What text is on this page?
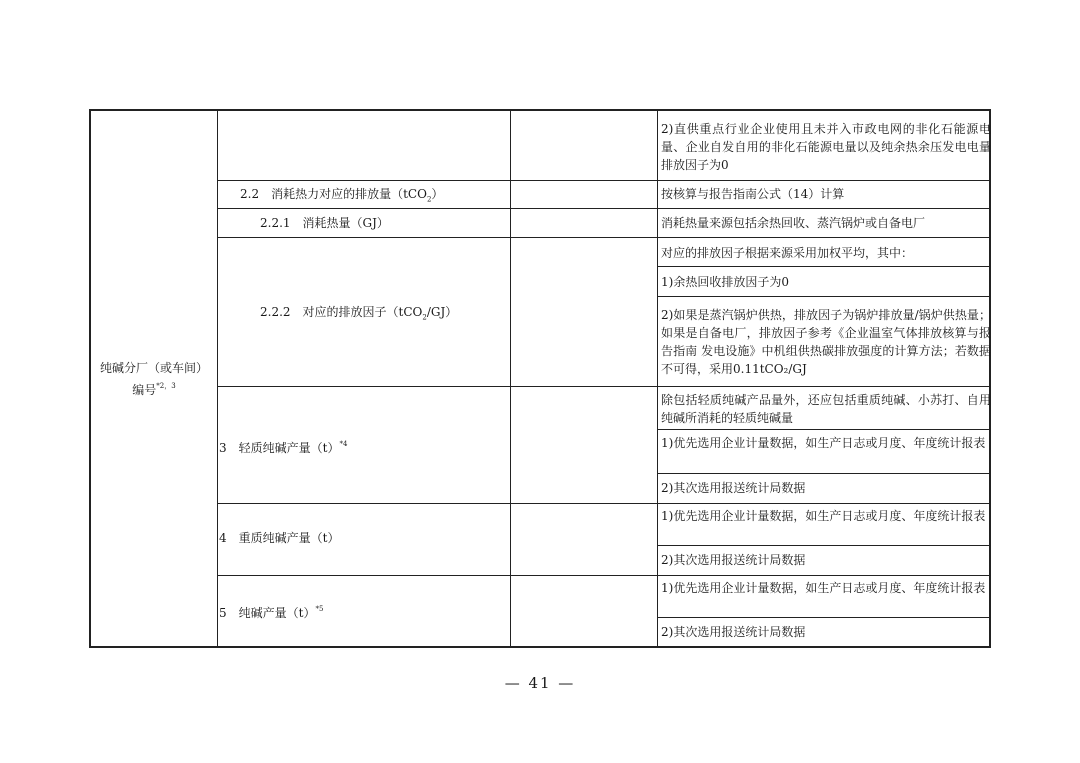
纯碱分厂（或车间）
编号$^{*2,3}$
2)直供重点行业企业使用且未并入市政电网的非化石能源电量、企业自发自用的非化石能源电量以及纯余热余压发电电量排放因子为0
2.2　消耗热力对应的排放量（tCO$_2$）	按核算与报告指南公式（14）计算
2.2.1　消耗热量（GJ）	消耗热量来源包括余热回收、蒸汽锅炉或自备电厂
2.2.2　对应的排放因子（tCO$_2$/GJ）
对应的排放因子根据来源采用加权平均，其中：
1)余热回收排放因子为0
2)如果是蒸汽锅炉供热，排放因子为锅炉排放量/锅炉供热量；如果是自备电厂，排放因子参考《企业温室气体排放核算与报告指南 发电设施》中机组供热碳排放强度的计算方法；若数据不可得，采用0.11tCO₂/GJ
3　轻质纯碱产量$(t)^{*4}$
除包括轻质纯碱产品量外，还应包括重质纯碱、小苏打、自用纯碱所消耗的轻质纯碱量
1)优先选用企业计量数据，如生产日志或月度、年度统计报表
2)其次选用报送统计局数据
4　重质纯碱产量（t）
1)优先选用企业计量数据，如生产日志或月度、年度统计报表
2)其次选用报送统计局数据
5　纯碱产量$(t)^{*5}$
1)优先选用企业计量数据，如生产日志或月度、年度统计报表
2)其次选用报送统计局数据
— 41 —
